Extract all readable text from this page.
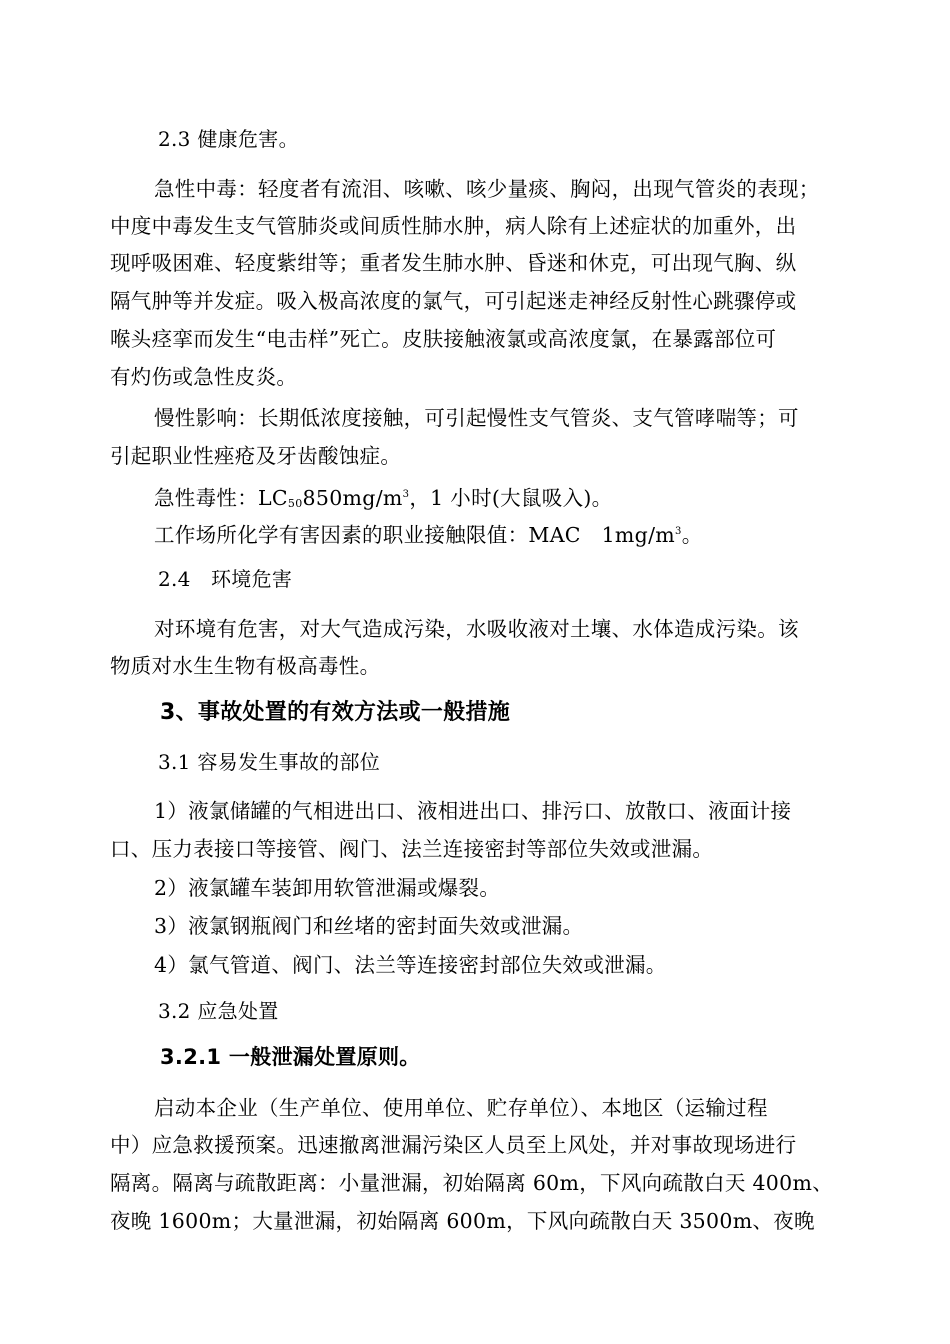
2.3 健康危害。
急性中毒：轻度者有流泪、咳嗽、咳少量痰、胸闷，出现气管炎的表现；
中度中毒发生支气管肺炎或间质性肺水肿，病人除有上述症状的加重外，出
现呼吸困难、轻度紫绀等；重者发生肺水肿、昏迷和休克，可出现气胸、纵
隔气肿等并发症。吸入极高浓度的氯气，可引起迷走神经反射性心跳骤停或
喉头痉挛而发生“电击样”死亡。皮肤接触液氯或高浓度氯，在暴露部位可
有灼伤或急性皮炎。
慢性影响：长期低浓度接触，可引起慢性支气管炎、支气管哮喘等；可
引起职业性痤疮及牙齿酸蚀症。
急性毒性：$LC_{50}850mg/m^3$，1 小时(大鼠吸入)。
工作场所化学有害因素的职业接触限值：MAC　$1mg/m^3$。
2.4　环境危害
对环境有危害，对大气造成污染，水吸收液对土壤、水体造成污染。该
物质对水生生物有极高毒性。
3、事故处置的有效方法或一般措施
3.1 容易发生事故的部位
1）液氯储罐的气相进出口、液相进出口、排污口、放散口、液面计接
口、压力表接口等接管、阀门、法兰连接密封等部位失效或泄漏。
2）液氯罐车装卸用软管泄漏或爆裂。
3）液氯钢瓶阀门和丝堵的密封面失效或泄漏。
4）氯气管道、阀门、法兰等连接密封部位失效或泄漏。
3.2 应急处置
3.2.1 一般泄漏处置原则。
启动本企业（生产单位、使用单位、贮存单位）、本地区（运输过程
中）应急救援预案。迅速撤离泄漏污染区人员至上风处，并对事故现场进行
隔离。隔离与疏散距离：小量泄漏，初始隔离 60m，下风向疏散白天 400m、
夜晚 1600m；大量泄漏，初始隔离 600m，下风向疏散白天 3500m、夜晚
